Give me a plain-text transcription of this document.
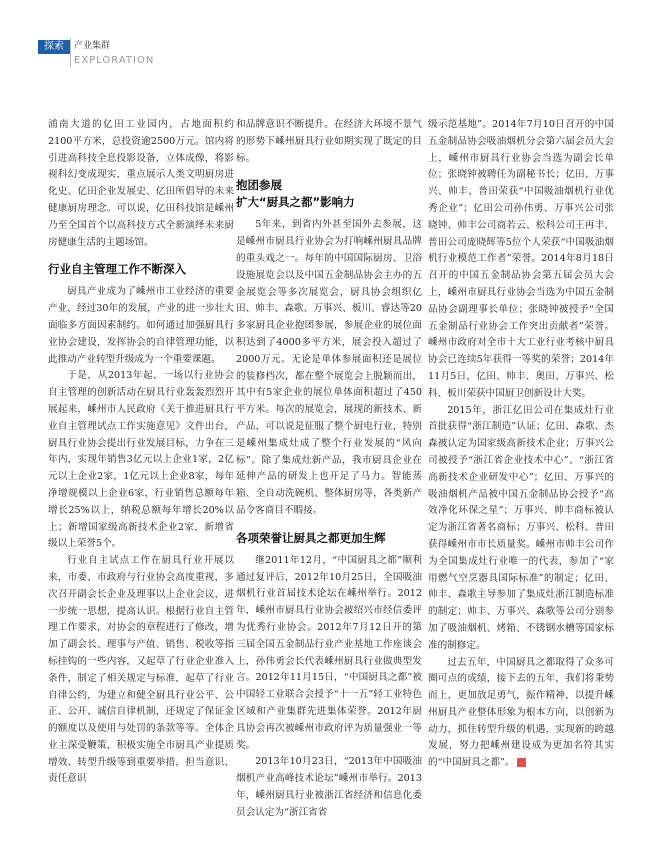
探索	产业集群
EXPLORATION

浦南大道的亿田工业园内，占地面积约2100平方米，总投资逾2500万元。馆内将引进高科技全息投影设备，立体成像，将影视科幻变成现实，重点展示人类文明厨房进化史、亿田企业发展史、亿田所倡导的未来健康厨房理念。可以说，亿田科技馆是嵊州乃至全国首个以高科技方式全新演绎未来厨房健康生活的主题场馆。

行业自主管理工作不断深入

厨具产业成为了嵊州市工业经济的重要产业，经过30年的发展，产业的进一步壮大面临多方面因素制约。如何通过加强厨具行业协会建设，发挥协会的自律管理功能，以此推动产业转型升级成为一个重要课题。

于是，从2013年起，一场以行业协会自主管理的创新活动在厨具行业轰轰烈烈开展起来，嵊州市人民政府《关于推进厨具行业自主管理试点工作实施意见》文件出台，厨具行业协会提出行业发展目标，力争在三年内，实现年销售3亿元以上企业1家，2亿元以上企业2家，1亿元以上企业8家，每年净增规模以上企业6家，行业销售总额每年增长25%以上，纳税总额每年增长20%以上；新增国家级高新技术企业2家，新增省级以上荣誉5个。

行业自主试点工作在厨具行业开展以来，市委、市政府与行业协会高度重视，多次召开副会长企业及理事以上企业会议，进一步统一思想，提高认识。根据行业自主管理工作要求，对协会的章程进行了修改，增加了副会长、理事与产值、销售、税收等指标挂钩的一些内容，又起草了行业企业准入条件，制定了相关规定与标准，起草了行业自律公约，为建立和健全厨具行业公平、公正、公开、诚信自律机制，还规定了保证金的额度以及使用与处罚的条款等等。全体企业主深受鞭策，积极实施全市厨具产业提质增效、转型升级等到重要举措，担当意识、责任意识

和品牌意识不断提升。在经济大环境不景气的形势下嵊州厨具行业如期实现了既定的目标。

抱团参展
扩大“厨具之都”影响力

5年来，到省内外甚至国外去参展，这是嵊州市厨具行业协会为打响嵊州厨具品牌的重头戏之一。每年的中国国际厨房、卫浴设施展览会以及中国五金制品协会主办的五金展览会等多次展览会，厨具协会组织亿田、帅丰、森歌、万事兴、板川、睿达等20多家厨具企业抱团参展，参展企业的展位面积达到了4000多平方米，展会投入超过了2000万元。无论是单体参展面积还是展位的装修档次，都在整个展览会上脱颖而出，其中有5家企业的展位单体面积超过了450平方米。每次的展览会，展现的新技术、新产品，可以说是征服了整个厨电行业，特别是嵊州集成灶成了整个行业发展的“风向标”。除了集成灶新产品，我市厨具企业在延伸产品的研发上也开足了马力。智能蒸箱、全自动洗碗机、整体厨房等，各类新产品令客商目不暇接。

各项荣誉让厨具之都更加生辉

继2011年12月，“中国厨具之都”顺利通过复评后，2012年10月25日，全国吸油烟机行业首届技术论坛在嵊州举行。2012年，嵊州市厨具行业协会被绍兴市经信委评为优秀行业协会。2012年7月12日开的第三届全国五金制品行业产业基地工作座谈会上，孙伟勇会长代表嵊州厨具行业做典型发言。2012年11月15日，“中国厨具之都”被中国轻工业联合会授予“十一五”轻工业特色区域和产业集群先进集体荣誉。2012年厨具协会再次被嵊州市政府评为质量强业一等奖。

2013年10月23日，“2013年中国吸油烟机产业高峰技术论坛”嵊州市举行。2013年，嵊州厨具行业被浙江省经济和信息化委员会认定为“浙江省省

级示范基地”。2014年7月10日召开的中国五金制品协会吸油烟机分会第六届会员大会上，嵊州市厨具行业协会当选为副会长单位；张晓钟被聘任为副秘书长；亿田、万事兴、帅丰、普田荣获“中国吸油烟机行业优秀企业”；亿田公司孙伟勇、万事兴公司张晓钟、帅丰公司商若云、松科公司王再丰、普田公司庞晓辉等5位个人荣获“中国吸油烟机行业模范工作者”荣誉。2014年8月18日召开的中国五金制品协会第五届会员大会上，嵊州市厨具行业协会当选为中国五金制品协会副理事长单位；张晓钟被授予“全国五金制品行业协会工作突出贡献者”荣誉。嵊州市政府对全市十大工业行业考核中厨具协会已连续5年获得一等奖的荣誉；2014年11月5日，亿田、帅丰、奥田、万事兴、松科、板川荣获中国厨卫创新设计大奖。

2015年，浙江亿田公司在集成灶行业首批获得“浙江制造”认证；亿田、森歌、杰森被认定为国家级高新技术企业；万事兴公司被授予“浙江省企业技术中心”、“浙江省高新技术企业研发中心”；亿田、万事兴的吸油烟机产品被中国五金制品协会授予“高效净化环保之星”；万事兴、帅丰商标被认定为浙江省著名商标；万事兴、松科、普田获得嵊州市市长质量奖。嵊州市帅丰公司作为全国集成灶行业唯一的代表，参加了“家用燃气空烹器具国际标准”的制定；亿田、帅丰、森歌主导参加了集成灶浙江制造标准的制定；帅丰、万事兴、森歌等公司分别参加了吸油烟机、烤箱、不锈钢水槽等国家标准的制修定。

过去五年，中国厨具之都取得了众多可圈可点的成绩，接下去的五年，我们将秉势而上，更加放足勇气，振作精神，以提升嵊州厨具产业整体形象为根本方向，以创新为动力，抓住转型升级的机遇，实现新的跨越发展，努力把嵊州建设成为更加名符其实的“中国厨具之都”。
